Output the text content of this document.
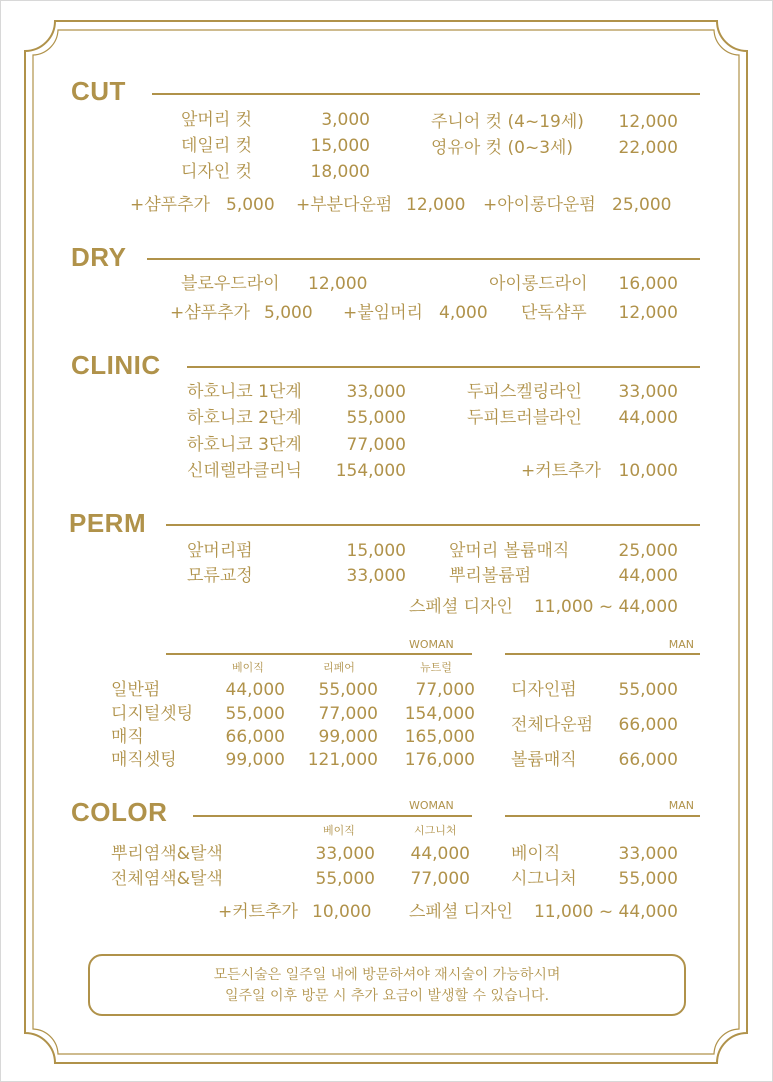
CUT
앞머리 컷	3,000
데일리 컷	15,000
디자인 컷	18,000
주니어 컷 (4~19세)	12,000
영유아 컷 (0~3세)	22,000
+샴푸추가 5,000 +부분다운펌 12,000 +아이롱다운펌 25,000
DRY
블로우드라이 12,000	아이롱드라이	16,000
+샴푸추가 5,000 +붙임머리 4,000 단독샴푸	12,000
CLINIC
하호니코 1단계	33,000
하호니코 2단계	55,000
하호니코 3단계	77,000
신데렐라클리닉	154,000
두피스켈링라인	33,000
두피트러블라인	44,000
+커트추가	10,000
PERM
앞머리펌	15,000
모류교정	33,000
앞머리 볼륨매직	25,000
뿌리볼륨펌	44,000
스페셜 디자인	11,000 ~ 44,000
WOMAN	MAN
베이직	리페어	뉴트럴
일반펌	44,000	55,000	77,000
디지털셋팅	55,000	77,000	154,000
매직	66,000	99,000	165,000
매직셋팅	99,000	121,000	176,000
디자인펌	55,000
전체다운펌	66,000
볼륨매직	66,000
COLOR	WOMAN	MAN
베이직	시그니처
뿌리염색&탈색	33,000	44,000
전체염색&탈색	55,000	77,000
베이직	33,000
시그니처	55,000
+커트추가 10,000 스페셜 디자인	11,000 ~ 44,000
모든시술은 일주일 내에 방문하셔야 재시술이 가능하시며
일주일 이후 방문 시 추가 요금이 발생할 수 있습니다.
